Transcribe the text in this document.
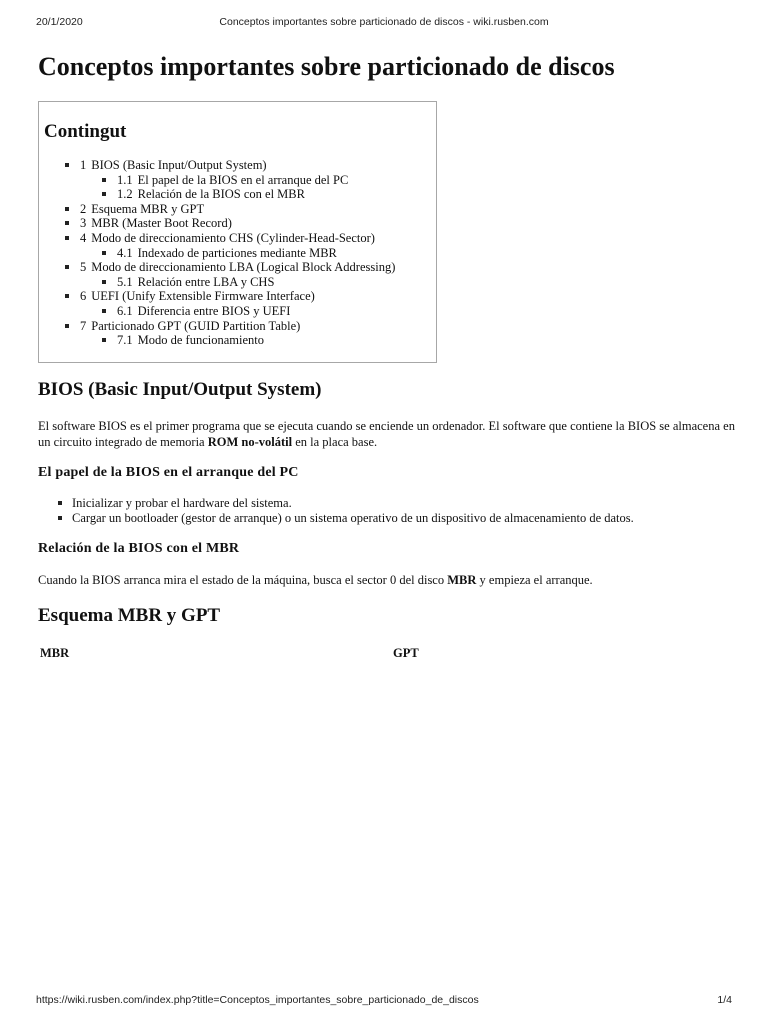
20/1/2020	Conceptos importantes sobre particionado de discos - wiki.rusben.com
Conceptos importantes sobre particionado de discos
Contingut
1 BIOS (Basic Input/Output System)
1.1 El papel de la BIOS en el arranque del PC
1.2 Relación de la BIOS con el MBR
2 Esquema MBR y GPT
3 MBR (Master Boot Record)
4 Modo de direccionamiento CHS (Cylinder-Head-Sector)
4.1 Indexado de particiones mediante MBR
5 Modo de direccionamiento LBA (Logical Block Addressing)
5.1 Relación entre LBA y CHS
6 UEFI (Unify Extensible Firmware Interface)
6.1 Diferencia entre BIOS y UEFI
7 Particionado GPT (GUID Partition Table)
7.1 Modo de funcionamiento
BIOS (Basic Input/Output System)

El software BIOS es el primer programa que se ejecuta cuando se enciende un ordenador. El software que contiene la BIOS se almacena en un circuito integrado de memoria ROM no-volátil en la placa base.

El papel de la BIOS en el arranque del PC
Inicializar y probar el hardware del sistema.
Cargar un bootloader (gestor de arranque) o un sistema operativo de un dispositivo de almacenamiento de datos.
Relación de la BIOS con el MBR

Cuando la BIOS arranca mira el estado de la máquina, busca el sector 0 del disco MBR y empieza el arranque.

Esquema MBR y GPT
MBR	GPT
https://wiki.rusben.com/index.php?title=Conceptos_importantes_sobre_particionado_de_discos	1/4
